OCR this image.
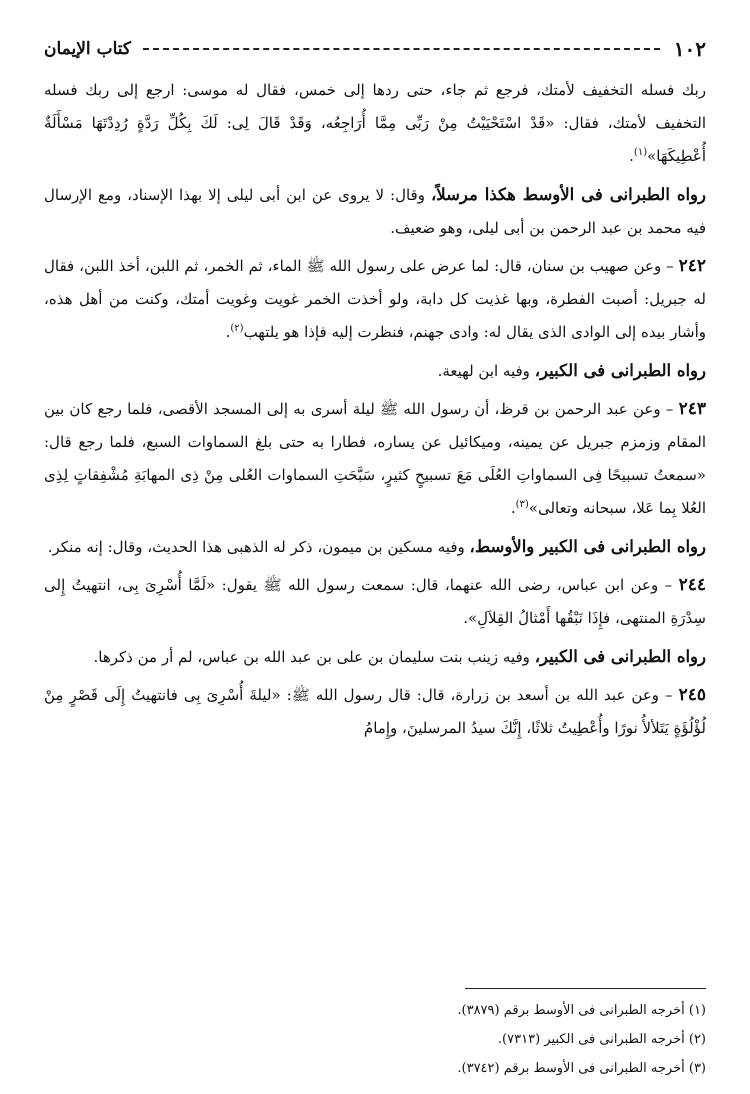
١٠٢
كتاب الإيمان

ربك فسله التخفيف لأمتك، فرجع ثم جاء، حتى ردها إلى خمس، فقال له موسى: ارجع إلى ربك فسله التخفيف لأمتك، فقال: «قَدْ اسْتَحْيَيْتُ مِنْ رَبِّى مِمَّا أُرَاجِعُه، وَقَدْ قَالَ لِى: لَكَ بِكُلِّ رَدَّةٍ رُدِدْتَهَا مَسْأَلَةٌ أُعْطِيكَهَا»$^{(١)}$.

رواه الطبرانى فى الأوسط هكذا مرسلاً، وقال: لا يروى عن ابن أبى ليلى إلا بهذا الإسناد، ومع الإرسال فيه محمد بن عبد الرحمن بن أبى ليلى، وهو ضعيف.

٢٤٢ – وعن صهيب بن سنان، قال: لما عرض على رسول الله ﷺ الماء، ثم الخمر، ثم اللبن، أخذ اللبن، فقال له جبريل: أصبت الفطرة، وبها غذيت كل دابة، ولو أخذت الخمر غويت وغويت أمتك، وكنت من أهل هذه، وأشار بيده إلى الوادى الذى يقال له: وادى جهنم، فنظرت إليه فإذا هو يلتهب$^{(٢)}$.

رواه الطبرانى فى الكبير، وفيه ابن لهيعة.

٢٤٣ – وعن عبد الرحمن بن قرظ، أن رسول الله ﷺ ليلة أسرى به إلى المسجد الأقصى، فلما رجع كان بين المقام وزمزم جبريل عن يمينه، وميكائيل عن يساره، فطارا به حتى بلغ السماوات السبع، فلما رجع قال: «سمعتُ تسبيحًا فِى السماواتِ العُلَى مَعَ تسبيحٍ كثيرٍ، سَبَّحَتِ السماوات العُلى مِنْ ذِى المهابَةِ مُشْفِقاتٍ لِذِى العُلا بِما عَلا، سبحانه وتعالى»$^{(٣)}$.

رواه الطبرانى فى الكبير والأوسط، وفيه مسكين بن ميمون، ذكر له الذهبى هذا الحديث، وقال: إنه منكر.

٢٤٤ – وعن ابن عباس، رضى الله عنهما، قال: سمعت رسول الله ﷺ يقول: «لَمَّا أُسْرِىَ بِى، انتهيتُ إِلى سِدْرَةِ المنتهى، فإِذَا نَبْقُها أَمْثالُ القِلاَلِ».

رواه الطبرانى فى الكبير، وفيه زينب بنت سليمان بن على بن عبد الله بن عباس، لم أر من ذكرها.

٢٤٥ – وعن عبد الله بن أسعد بن زرارة، قال: قال رسول الله ﷺ: «ليلةَ أُسْرِىَ بِى فانتهيتُ إِلَى قَصْرٍ مِنْ لُؤْلُؤَةٍ يَتَلألأُ نورًا وأُعْطِيتُ ثلاثًا، إِنَّكَ سيدُ المرسلينَ، وإِمامُ

(١) أخرجه الطبرانى فى الأوسط برقم (٣٨٧٩).
(٢) أخرجه الطبرانى فى الكبير (٧٣١٣).
(٣) أخرجه الطبرانى فى الأوسط برقم (٣٧٤٢).
